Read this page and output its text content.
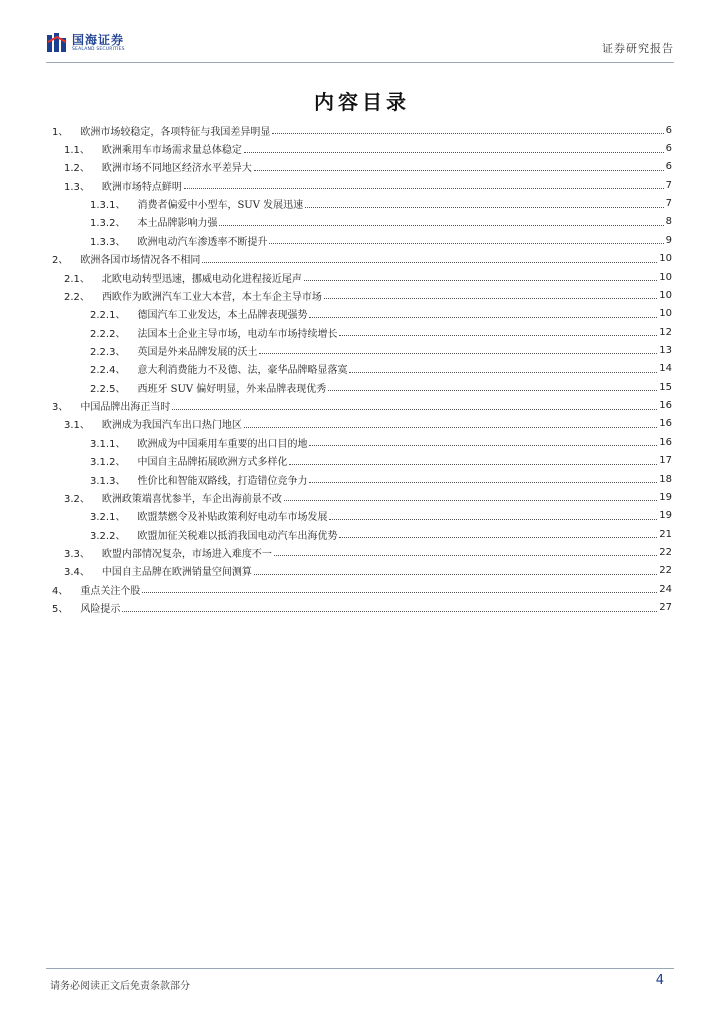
国海证券
SEALAND SECURITIES	证券研究报告
内容目录
1、 欧洲市场较稳定，各项特征与我国差异明显	6
1.1、 欧洲乘用车市场需求量总体稳定	6
1.2、 欧洲市场不同地区经济水平差异大	6
1.3、 欧洲市场特点鲜明	7
1.3.1、 消费者偏爱中小型车，SUV 发展迅速	7
1.3.2、 本土品牌影响力强	8
1.3.3、 欧洲电动汽车渗透率不断提升	9
2、 欧洲各国市场情况各不相同	10
2.1、 北欧电动转型迅速，挪威电动化进程接近尾声	10
2.2、 西欧作为欧洲汽车工业大本营，本土车企主导市场	10
2.2.1、 德国汽车工业发达，本土品牌表现强势	10
2.2.2、 法国本土企业主导市场，电动车市场持续增长	12
2.2.3、 英国是外来品牌发展的沃土	13
2.2.4、 意大利消费能力不及德、法，豪华品牌略显落寞	14
2.2.5、 西班牙 SUV 偏好明显，外来品牌表现优秀	15
3、 中国品牌出海正当时	16
3.1、 欧洲成为我国汽车出口热门地区	16
3.1.1、 欧洲成为中国乘用车重要的出口目的地	16
3.1.2、 中国自主品牌拓展欧洲方式多样化	17
3.1.3、 性价比和智能双路线，打造错位竞争力	18
3.2、 欧洲政策端喜忧参半，车企出海前景不改	19
3.2.1、 欧盟禁燃令及补贴政策利好电动车市场发展	19
3.2.2、 欧盟加征关税难以抵消我国电动汽车出海优势	21
3.3、 欧盟内部情况复杂，市场进入难度不一	22
3.4、 中国自主品牌在欧洲销量空间测算	22
4、 重点关注个股	24
5、 风险提示	27
请务必阅读正文后免责条款部分	4
